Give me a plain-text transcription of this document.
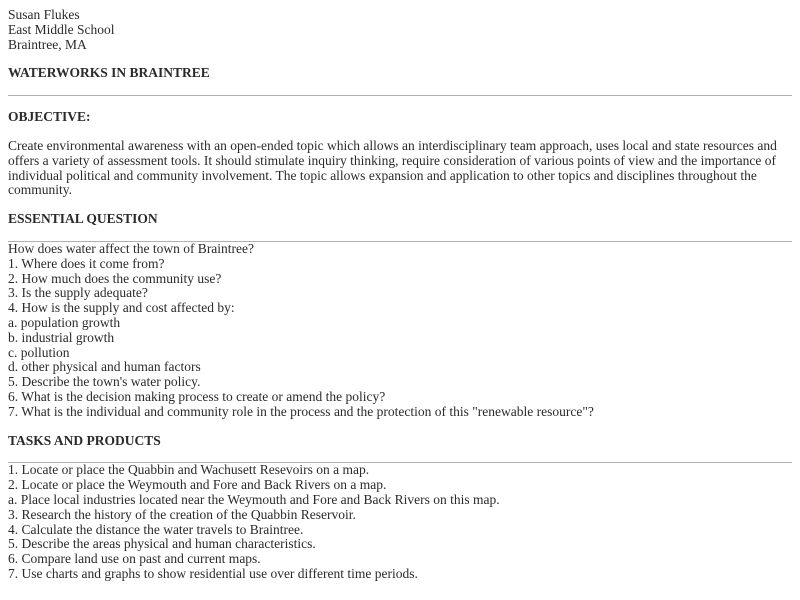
Susan Flukes
East Middle School
Braintree, MA
WATERWORKS IN BRAINTREE
OBJECTIVE:

Create environmental awareness with an open-ended topic which allows an interdisciplinary team approach, uses local and state resources and offers a variety of assessment tools. It should stimulate inquiry thinking, require consideration of various points of view and the importance of individual political and community involvement. The topic allows expansion and application to other topics and disciplines throughout the community.

ESSENTIAL QUESTION
How does water affect the town of Braintree?
1. Where does it come from?
2. How much does the community use?
3. Is the supply adequate?
4. How is the supply and cost affected by:
a. population growth
b. industrial growth
c. pollution
d. other physical and human factors
5. Describe the town's water policy.
6. What is the decision making process to create or amend the policy?
7. What is the individual and community role in the process and the protection of this "renewable resource"?
TASKS AND PRODUCTS
1. Locate or place the Quabbin and Wachusett Resevoirs on a map.
2. Locate or place the Weymouth and Fore and Back Rivers on a map.
a. Place local industries located near the Weymouth and Fore and Back Rivers on this map.
3. Research the history of the creation of the Quabbin Reservoir.
4. Calculate the distance the water travels to Braintree.
5. Describe the areas physical and human characteristics.
6. Compare land use on past and current maps.
7. Use charts and graphs to show residential use over different time periods.
